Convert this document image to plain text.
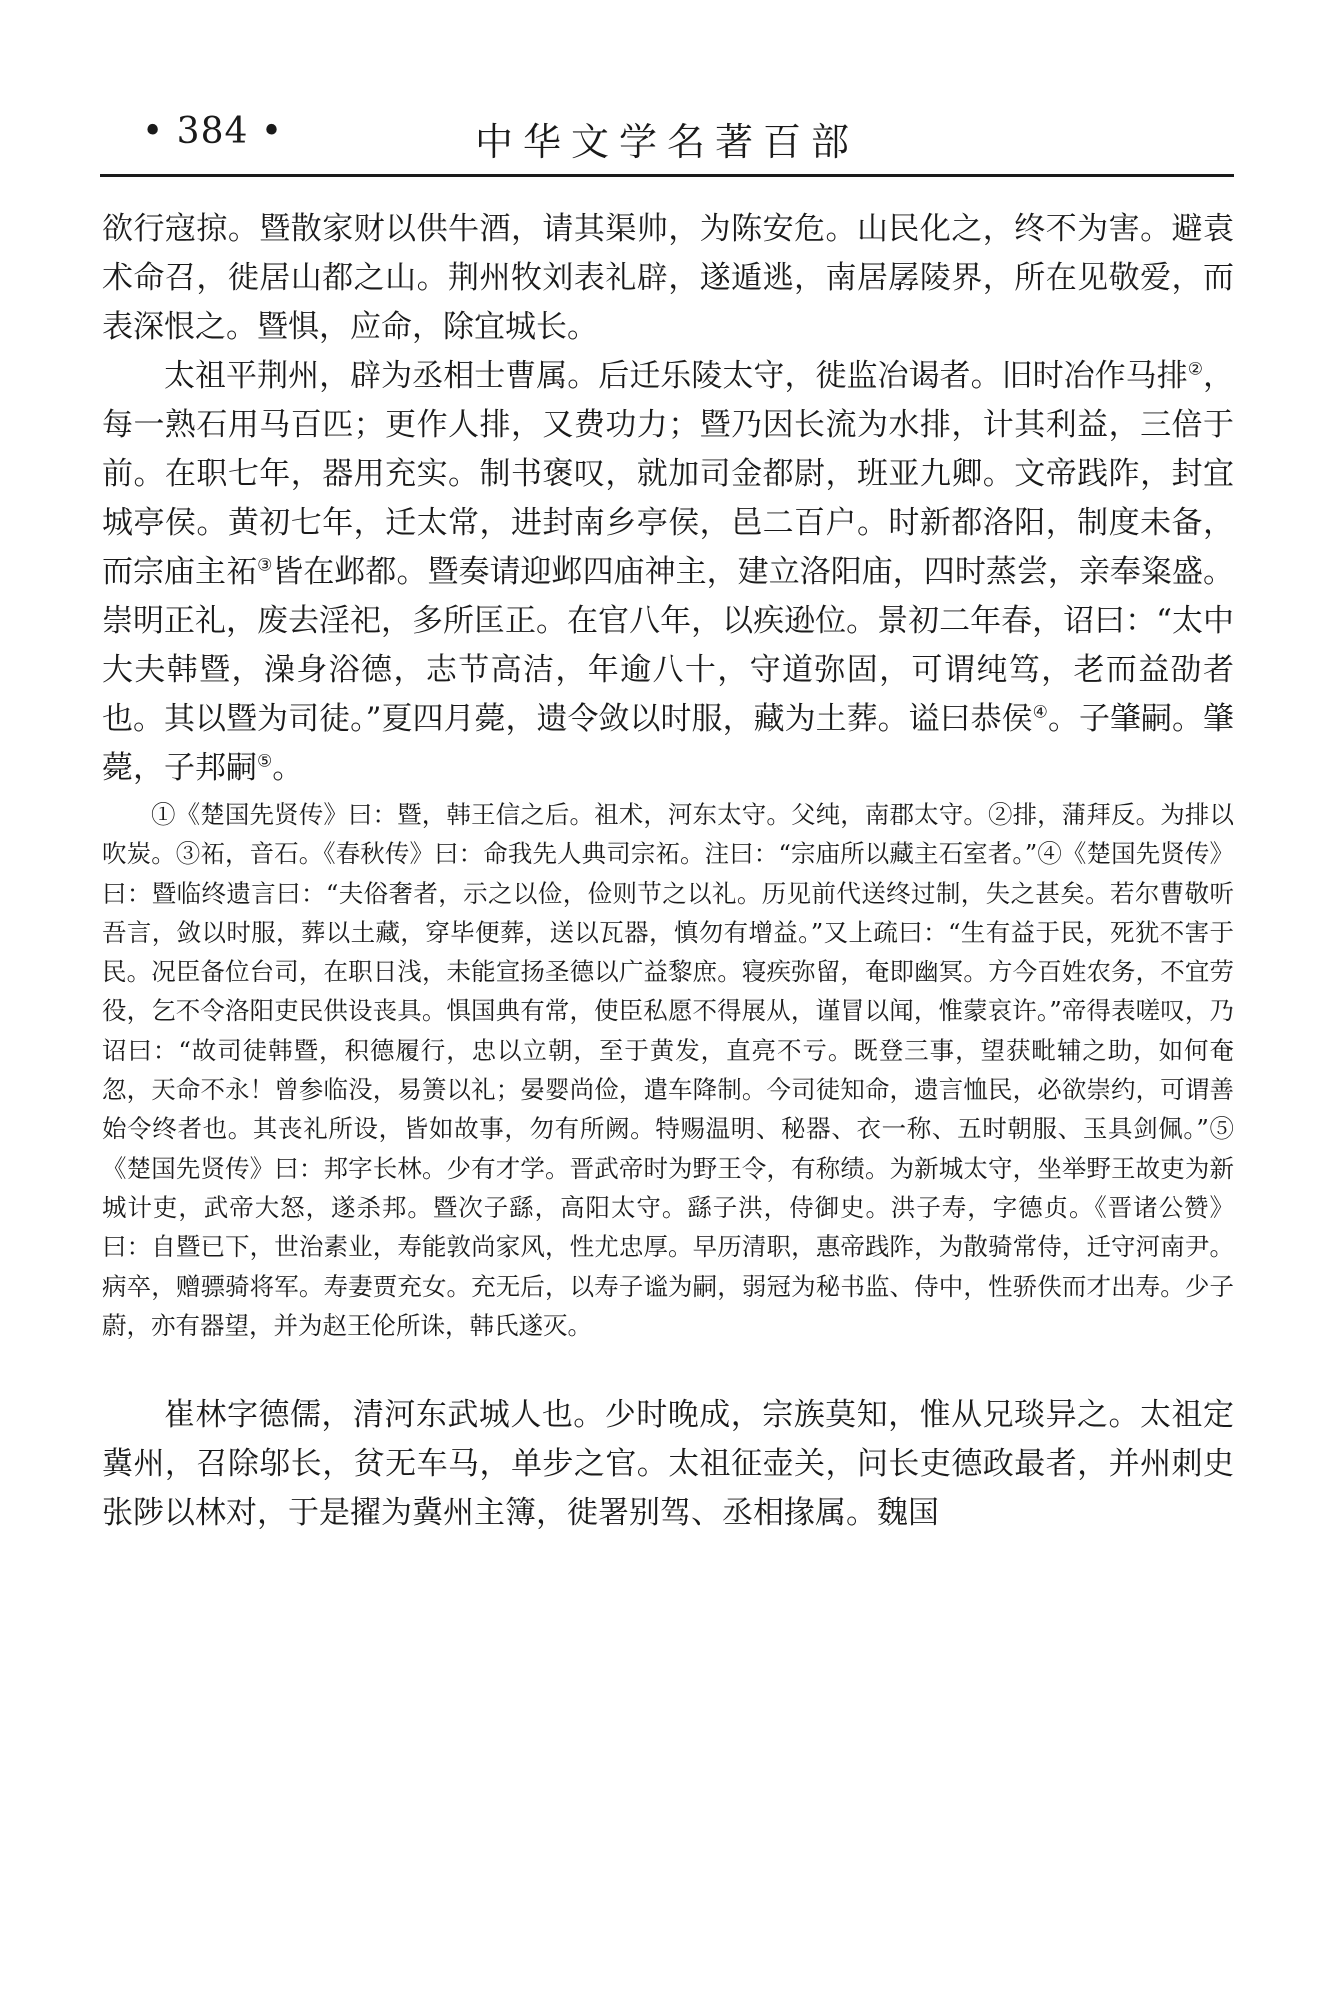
• 384 •	中华文学名著百部

欲行寇掠。暨散家财以供牛酒，请其渠帅，为陈安危。山民化之，终不为害。避袁术命召，徙居山都之山。荆州牧刘表礼辟，遂遁逃，南居孱陵界，所在见敬爱，而表深恨之。暨惧，应命，除宜城长。

太祖平荆州，辟为丞相士曹属。后迁乐陵太守，徙监冶谒者。旧时冶作马排②，每一熟石用马百匹；更作人排，又费功力；暨乃因长流为水排，计其利益，三倍于前。在职七年，器用充实。制书褒叹，就加司金都尉，班亚九卿。文帝践阼，封宜城亭侯。黄初七年，迁太常，进封南乡亭侯，邑二百户。时新都洛阳，制度未备，而宗庙主祏③皆在邺都。暨奏请迎邺四庙神主，建立洛阳庙，四时蒸尝，亲奉粢盛。崇明正礼，废去淫祀，多所匡正。在官八年，以疾逊位。景初二年春，诏曰：“太中大夫韩暨，澡身浴德，志节高洁，年逾八十，守道弥固，可谓纯笃，老而益劭者也。其以暨为司徒。”夏四月薨，遗令敛以时服，藏为土葬。谥曰恭侯④。子肇嗣。肇薨，子邦嗣⑤。

①《楚国先贤传》曰：暨，韩王信之后。祖术，河东太守。父纯，南郡太守。②排，蒲拜反。为排以吹炭。③祏，音石。《春秋传》曰：命我先人典司宗祏。注曰：“宗庙所以藏主石室者。”④《楚国先贤传》曰：暨临终遗言曰：“夫俗奢者，示之以俭，俭则节之以礼。历见前代送终过制，失之甚矣。若尔曹敬听吾言，敛以时服，葬以土藏，穿毕便葬，送以瓦器，慎勿有增益。”又上疏曰：“生有益于民，死犹不害于民。况臣备位台司，在职日浅，未能宣扬圣德以广益黎庶。寝疾弥留，奄即幽冥。方今百姓农务，不宜劳役，乞不令洛阳吏民供设丧具。惧国典有常，使臣私愿不得展从，谨冒以闻，惟蒙哀许。”帝得表嗟叹，乃诏曰：“故司徒韩暨，积德履行，忠以立朝，至于黄发，直亮不亏。既登三事，望获毗辅之助，如何奄忽，天命不永！曾参临没，易箦以礼；晏婴尚俭，遣车降制。今司徒知命，遗言恤民，必欲崇约，可谓善始令终者也。其丧礼所设，皆如故事，勿有所阙。特赐温明、秘器、衣一称、五时朝服、玉具剑佩。”⑤《楚国先贤传》曰：邦字长林。少有才学。晋武帝时为野王令，有称绩。为新城太守，坐举野王故吏为新城计吏，武帝大怒，遂杀邦。暨次子繇，高阳太守。繇子洪，侍御史。洪子寿，字德贞。《晋诸公赞》曰：自暨已下，世治素业，寿能敦尚家风，性尤忠厚。早历清职，惠帝践阼，为散骑常侍，迁守河南尹。病卒，赠骠骑将军。寿妻贾充女。充无后，以寿子谧为嗣，弱冠为秘书监、侍中，性骄佚而才出寿。少子蔚，亦有器望，并为赵王伦所诛，韩氏遂灭。

崔林字德儒，清河东武城人也。少时晚成，宗族莫知，惟从兄琰异之。太祖定冀州，召除邬长，贫无车马，单步之官。太祖征壶关，问长吏德政最者，并州刺史张陟以林对，于是擢为冀州主簿，徙署别驾、丞相掾属。魏国
